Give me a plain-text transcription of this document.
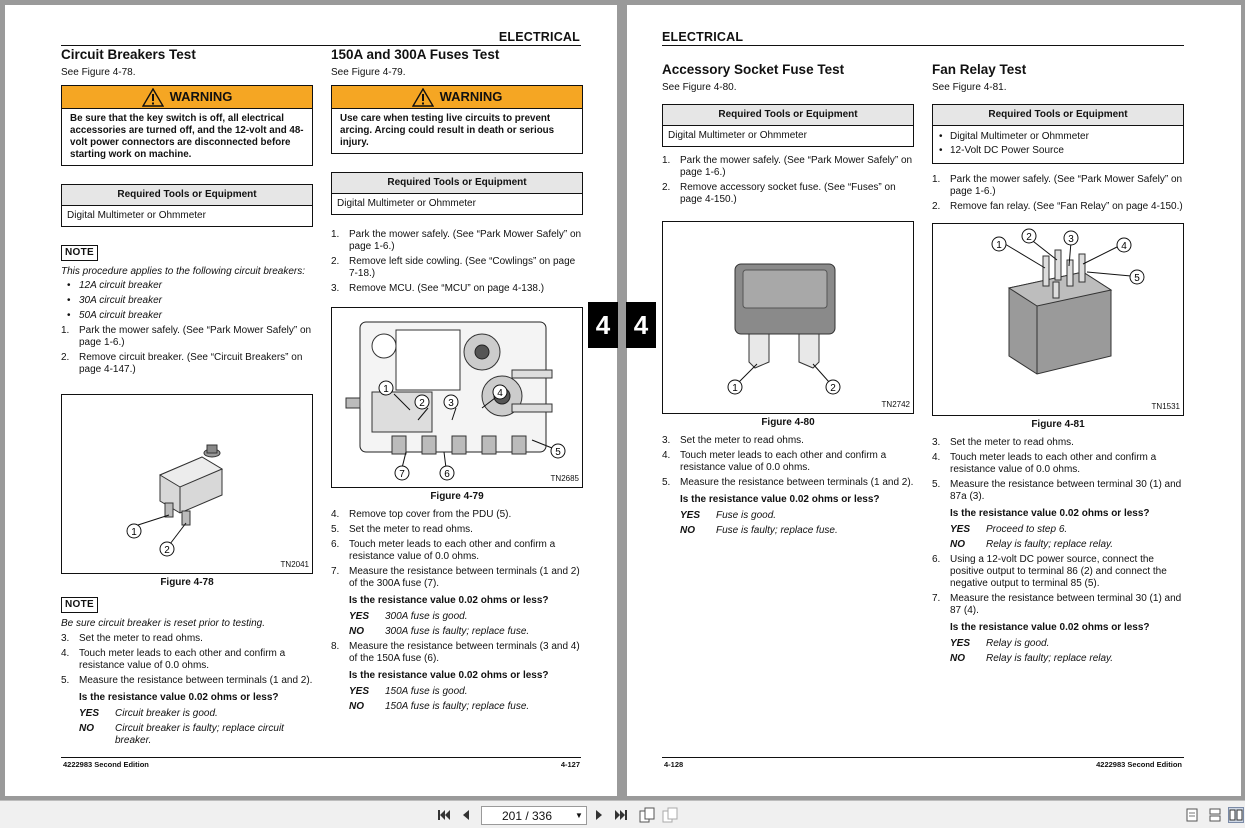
ELECTRICAL
Circuit Breakers Test
See Figure 4-78.
WARNING
Be sure that the key switch is off, all electrical accessories are turned off, and the 12-volt and 48-volt power connectors are disconnected before starting work on machine.
Required Tools or Equipment
Digital Multimeter or Ohmmeter
NOTE
This procedure applies to the following circuit breakers:
• 12A circuit breaker
• 30A circuit breaker
• 50A circuit breaker
1. Park the mower safely. (See “Park Mower Safely” on page 1-6.)
2. Remove circuit breaker. (See “Circuit Breakers” on page 4-147.)
1
2
TN2041
Figure 4-78
NOTE
Be sure circuit breaker is reset prior to testing.
3. Set the meter to read ohms.
4. Touch meter leads to each other and confirm a resistance value of 0.0 ohms.
5. Measure the resistance between terminals (1 and 2).
Is the resistance value 0.02 ohms or less?
YES	Circuit breaker is good.
NO	Circuit breaker is faulty; replace circuit breaker.
150A and 300A Fuses Test
See Figure 4-79.
WARNING
Use care when testing live circuits to prevent arcing. Arcing could result in death or serious injury.
Required Tools or Equipment
Digital Multimeter or Ohmmeter
1. Park the mower safely. (See “Park Mower Safely” on page 1-6.)
2. Remove left side cowling. (See “Cowlings” on page 7-18.)
3. Remove MCU. (See “MCU” on page 4-138.)
1
2 3
4
5
6
7	TN2685
Figure 4-79
4. Remove top cover from the PDU (5).
5. Set the meter to read ohms.
6. Touch meter leads to each other and confirm a resistance value of 0.0 ohms.
7. Measure the resistance between terminals (1 and 2) of the 300A fuse (7).
Is the resistance value 0.02 ohms or less?
YES	300A fuse is good.
NO	300A fuse is faulty; replace fuse.
8. Measure the resistance between terminals (3 and 4) of the 150A fuse (6).
Is the resistance value 0.02 ohms or less?
YES	150A fuse is good.
NO	150A fuse is faulty; replace fuse.
4222983 Second Edition	4-127
4
ELECTRICAL
Accessory Socket Fuse Test
See Figure 4-80.
Required Tools or Equipment
Digital Multimeter or Ohmmeter
1. Park the mower safely. (See “Park Mower Safely” on page 1-6.)
2. Remove accessory socket fuse. (See “Fuses” on page 4-150.)
1	2
TN2742
Figure 4-80
3. Set the meter to read ohms.
4. Touch meter leads to each other and confirm a resistance value of 0.0 ohms.
5. Measure the resistance between terminals (1 and 2).
Is the resistance value 0.02 ohms or less?
YES	Fuse is good.
NO	Fuse is faulty; replace fuse.
Fan Relay Test
See Figure 4-81.
Required Tools or Equipment
• Digital Multimeter or Ohmmeter
• 12-Volt DC Power Source
1. Park the mower safely. (See “Park Mower Safely” on page 1-6.)
2. Remove fan relay. (See “Fan Relay” on page 4-150.)
1
2	3
4
5
TN1531
Figure 4-81
3. Set the meter to read ohms.
4. Touch meter leads to each other and confirm a resistance value of 0.0 ohms.
5. Measure the resistance between terminal 30 (1) and 87a (3).
Is the resistance value 0.02 ohms or less?
YES	Proceed to step 6.
NO	Relay is faulty; replace relay.
6. Using a 12-volt DC power source, connect the positive output to terminal 86 (2) and connect the negative output to terminal 85 (5).
7. Measure the resistance between terminal 30 (1) and 87 (4).
Is the resistance value 0.02 ohms or less?
YES	Relay is good.
NO	Relay is faulty; replace relay.
4-128	4222983 Second Edition
4
201 / 336	▼
